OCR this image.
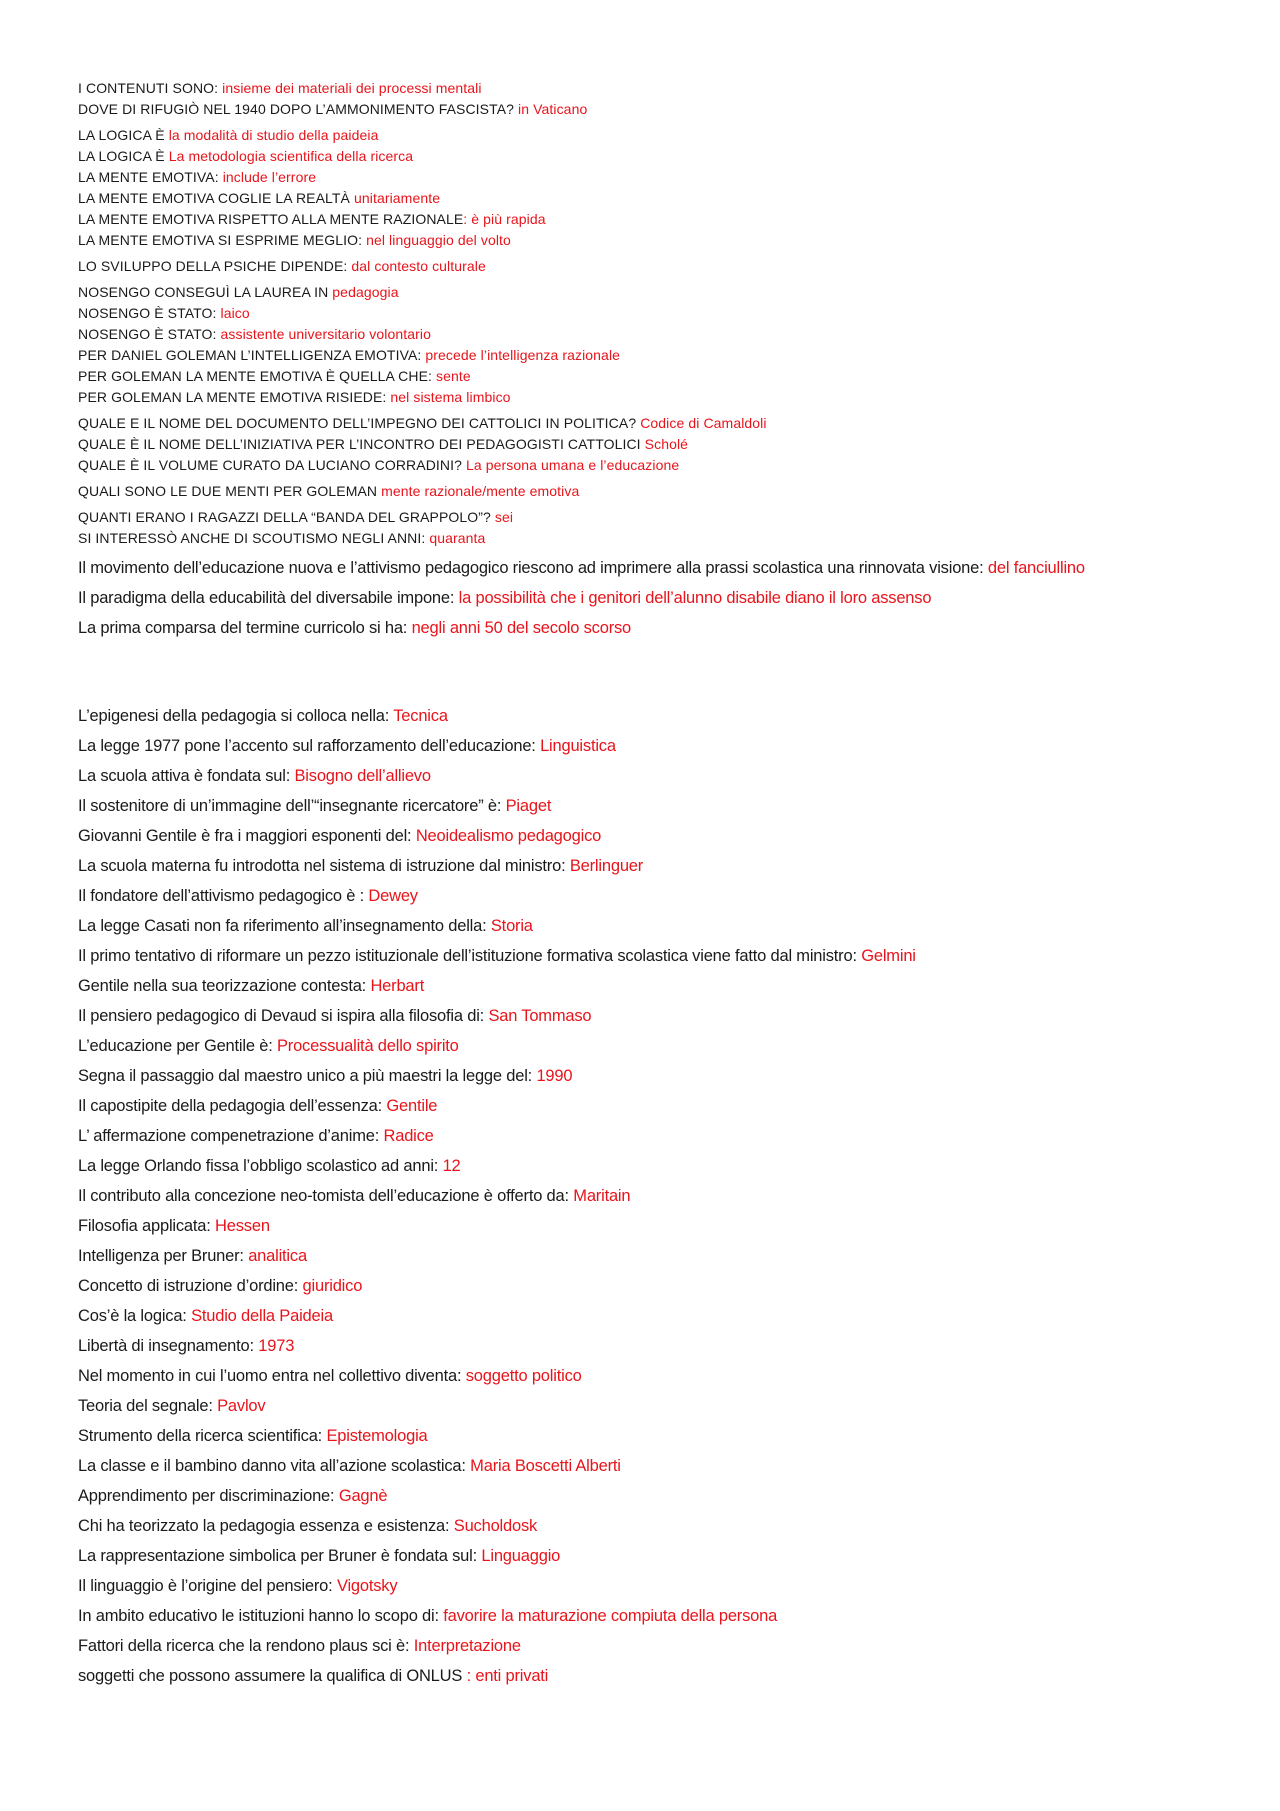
I CONTENUTI SONO: insieme dei materiali dei processi mentali
DOVE DI RIFUGIÒ NEL 1940 DOPO L’AMMONIMENTO FASCISTA? in Vaticano
LA LOGICA È la modalità di studio della paideia
LA LOGICA È La metodologia scientifica della ricerca
LA MENTE EMOTIVA: include l’errore
LA MENTE EMOTIVA COGLIE LA REALTÀ unitariamente
LA MENTE EMOTIVA RISPETTO ALLA MENTE RAZIONALE: è più rapida
LA MENTE EMOTIVA SI ESPRIME MEGLIO: nel linguaggio del volto
LO SVILUPPO DELLA PSICHE DIPENDE: dal contesto culturale
NOSENGO CONSEGUÌ LA LAUREA IN pedagogia
NOSENGO È STATO: laico
NOSENGO È STATO: assistente universitario volontario
PER DANIEL GOLEMAN L’INTELLIGENZA EMOTIVA: precede l’intelligenza razionale
PER GOLEMAN LA MENTE EMOTIVA È QUELLA CHE: sente
PER GOLEMAN LA MENTE EMOTIVA RISIEDE: nel sistema limbico
QUALE E IL NOME DEL DOCUMENTO DELL’IMPEGNO DEI CATTOLICI IN POLITICA? Codice di Camaldoli
QUALE È IL NOME DELL’INIZIATIVA PER L’INCONTRO DEI PEDAGOGISTI CATTOLICI Scholé
QUALE È IL VOLUME CURATO DA LUCIANO CORRADINI? La persona umana e l’educazione
QUALI SONO LE DUE MENTI PER GOLEMAN mente razionale/mente emotiva
QUANTI ERANO I RAGAZZI DELLA “BANDA DEL GRAPPOLO”? sei
SI INTERESSÒ ANCHE DI SCOUTISMO NEGLI ANNI: quaranta
Il movimento dell’educazione nuova e l’attivismo pedagogico riescono ad imprimere alla prassi scolastica una rinnovata visione: del fanciullino
Il paradigma della educabilità del diversabile impone: la possibilità che i genitori dell’alunno disabile diano il loro assenso
La prima comparsa del termine curricolo si ha: negli anni 50 del secolo scorso
L’epigenesi della pedagogia si colloca nella: Tecnica
La legge 1977 pone l’accento sul rafforzamento dell’educazione: Linguistica
La scuola attiva è fondata sul: Bisogno dell’allievo
Il sostenitore di un’immagine dell’“insegnante ricercatore” è: Piaget
Giovanni Gentile è fra i maggiori esponenti del: Neoidealismo pedagogico
La scuola materna fu introdotta nel sistema di istruzione dal ministro: Berlinguer
Il fondatore dell’attivismo pedagogico è : Dewey
La legge Casati non fa riferimento all’insegnamento della: Storia
Il primo tentativo di riformare un pezzo istituzionale dell’istituzione formativa scolastica viene fatto dal ministro: Gelmini
Gentile nella sua teorizzazione contesta: Herbart
Il pensiero pedagogico di Devaud si ispira alla filosofia di: San Tommaso
L’educazione per Gentile è: Processualità dello spirito
Segna il passaggio dal maestro unico a più maestri la legge del: 1990
Il capostipite della pedagogia dell’essenza: Gentile
L’ affermazione compenetrazione d’anime: Radice
La legge Orlando fissa l’obbligo scolastico ad anni: 12
Il contributo alla concezione neo-tomista dell’educazione è offerto da: Maritain
Filosofia applicata: Hessen
Intelligenza per Bruner: analitica
Concetto di istruzione d’ordine: giuridico
Cos’è la logica: Studio della Paideia
Libertà di insegnamento: 1973
Nel momento in cui l’uomo entra nel collettivo diventa: soggetto politico
Teoria del segnale: Pavlov
Strumento della ricerca scientifica: Epistemologia
La classe e il bambino danno vita all’azione scolastica: Maria Boscetti Alberti
Apprendimento per discriminazione: Gagnè
Chi ha teorizzato la pedagogia essenza e esistenza: Sucholdosk
La rappresentazione simbolica per Bruner è fondata sul: Linguaggio
Il linguaggio è l’origine del pensiero: Vigotsky
In ambito educativo le istituzioni hanno lo scopo di: favorire la maturazione compiuta della persona
Fattori della ricerca che la rendono plaus sci è: Interpretazione
soggetti che possono assumere la qualifica di ONLUS : enti privati
